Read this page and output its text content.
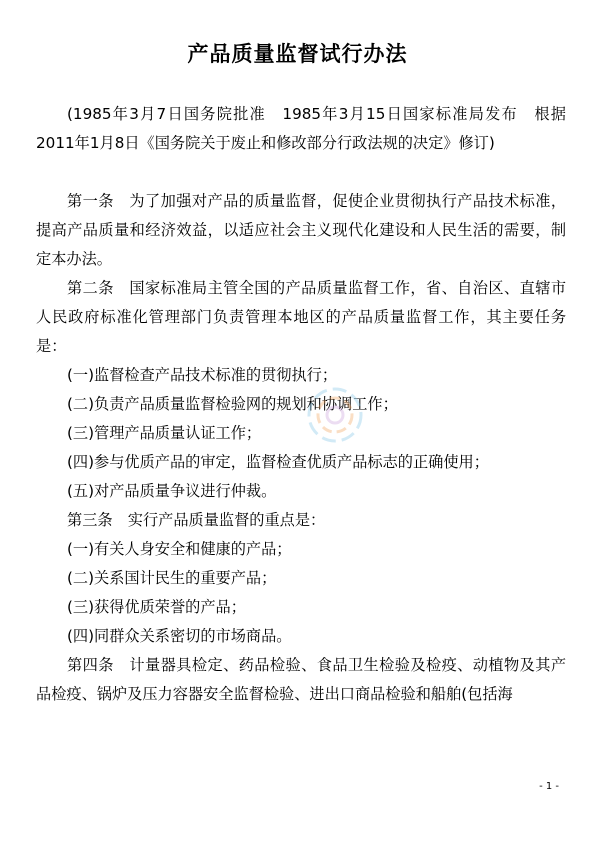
产品质量监督试行办法

(1985年3月7日国务院批准　1985年3月15日国家标准局发布　根据2011年1月8日《国务院关于废止和修改部分行政法规的决定》修订)

第一条　为了加强对产品的质量监督，促使企业贯彻执行产品技术标准，提高产品质量和经济效益，以适应社会主义现代化建设和人民生活的需要，制定本办法。

第二条　国家标准局主管全国的产品质量监督工作，省、自治区、直辖市人民政府标准化管理部门负责管理本地区的产品质量监督工作，其主要任务是：

(一)监督检查产品技术标准的贯彻执行；

(二)负责产品质量监督检验网的规划和协调工作；

(三)管理产品质量认证工作；

(四)参与优质产品的审定，监督检查优质产品标志的正确使用；

(五)对产品质量争议进行仲裁。

第三条　实行产品质量监督的重点是：

(一)有关人身安全和健康的产品；

(二)关系国计民生的重要产品；

(三)获得优质荣誉的产品；

(四)同群众关系密切的市场商品。

第四条　计量器具检定、药品检验、食品卫生检验及检疫、动植物及其产品检疫、锅炉及压力容器安全监督检验、进出口商品检验和船舶(包括海

- 1 -
